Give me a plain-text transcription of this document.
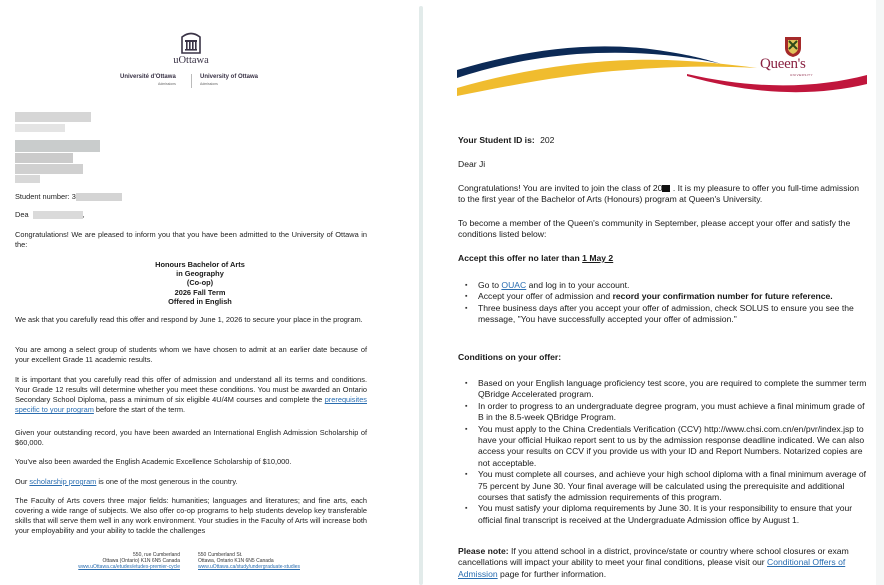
uOttawa
Université d'Ottawa
Admissions
University of Ottawa
Admissions
Student number: 3
Dea	,
Congratulations! We are pleased to inform you that you have been admitted to the University of Ottawa in the:
Honours Bachelor of Arts
in Geography
(Co-op)
2026 Fall Term
Offered in English
We ask that you carefully read this offer and respond by June 1, 2026 to secure your place in the program.
You are among a select group of students whom we have chosen to admit at an earlier date because of your excellent Grade 11 academic results.
It is important that you carefully read this offer of admission and understand all its terms and conditions. Your Grade 12 results will determine whether you meet these conditions. You must be awarded an Ontario Secondary School Diploma, pass a minimum of six eligible 4U/4M courses and complete the prerequisites specific to your program before the start of the term.
Given your outstanding record, you have been awarded an International English Admission Scholarship of $60,000.
You've also been awarded the English Academic Excellence Scholarship of $10,000.
Our scholarship program is one of the most generous in the country.
The Faculty of Arts covers three major fields: humanities; languages and literatures; and fine arts, each covering a wide range of subjects. We also offer co-op programs to help students develop key transferable skills that will serve them well in any work environment. Your studies in the Faculty of Arts will increase both your employability and your ability to tackle the challenges
550, rue Cumberland
Ottawa (Ontario) K1N 6N5 Canada
www.uOttawa.ca/etudes/etudes-premier-cycle
550 Cumberland St.
Ottawa, Ontario K1N 6N5 Canada
www.uOttawa.ca/study/undergraduate-studies
Queen's
UNIVERSITY
Your Student ID is: 202
Dear Ji
Congratulations! You are invited to join the class of 20 . It is my pleasure to offer you full-time admission to the first year of the Bachelor of Arts (Honours) program at Queen's University.
To become a member of the Queen's community in September, please accept your offer and satisfy the conditions listed below:
Accept this offer no later than 1 May 2
▪ Go to OUAC and log in to your account.
▪ Accept your offer of admission and record your confirmation number for future reference.
▪ Three business days after you accept your offer of admission, check SOLUS to ensure you see the message, "You have successfully accepted your offer of admission."
Conditions on your offer:
▪ Based on your English language proficiency test score, you are required to complete the summer term QBridge Accelerated program.
▪ In order to progress to an undergraduate degree program, you must achieve a final minimum grade of B in the 8.5-week QBridge Program.
▪ You must apply to the China Credentials Verification (CCV) http://www.chsi.com.cn/en/pvr/index.jsp to have your official Huikao report sent to us by the admission response deadline indicated. We can also access your results on CCV if you provide us with your ID and Report Numbers. Notarized copies are not acceptable.
▪ You must complete all courses, and achieve your high school diploma with a final minimum average of 75 percent by June 30. Your final average will be calculated using the prerequisite and additional courses that satisfy the admission requirements of this program.
▪ You must satisfy your diploma requirements by June 30. It is your responsibility to ensure that your official final transcript is received at the Undergraduate Admission office by August 1.
Please note: If you attend school in a district, province/state or country where school closures or exam cancellations will impact your ability to meet your final conditions, please visit our Conditional Offers of Admission page for further information.
